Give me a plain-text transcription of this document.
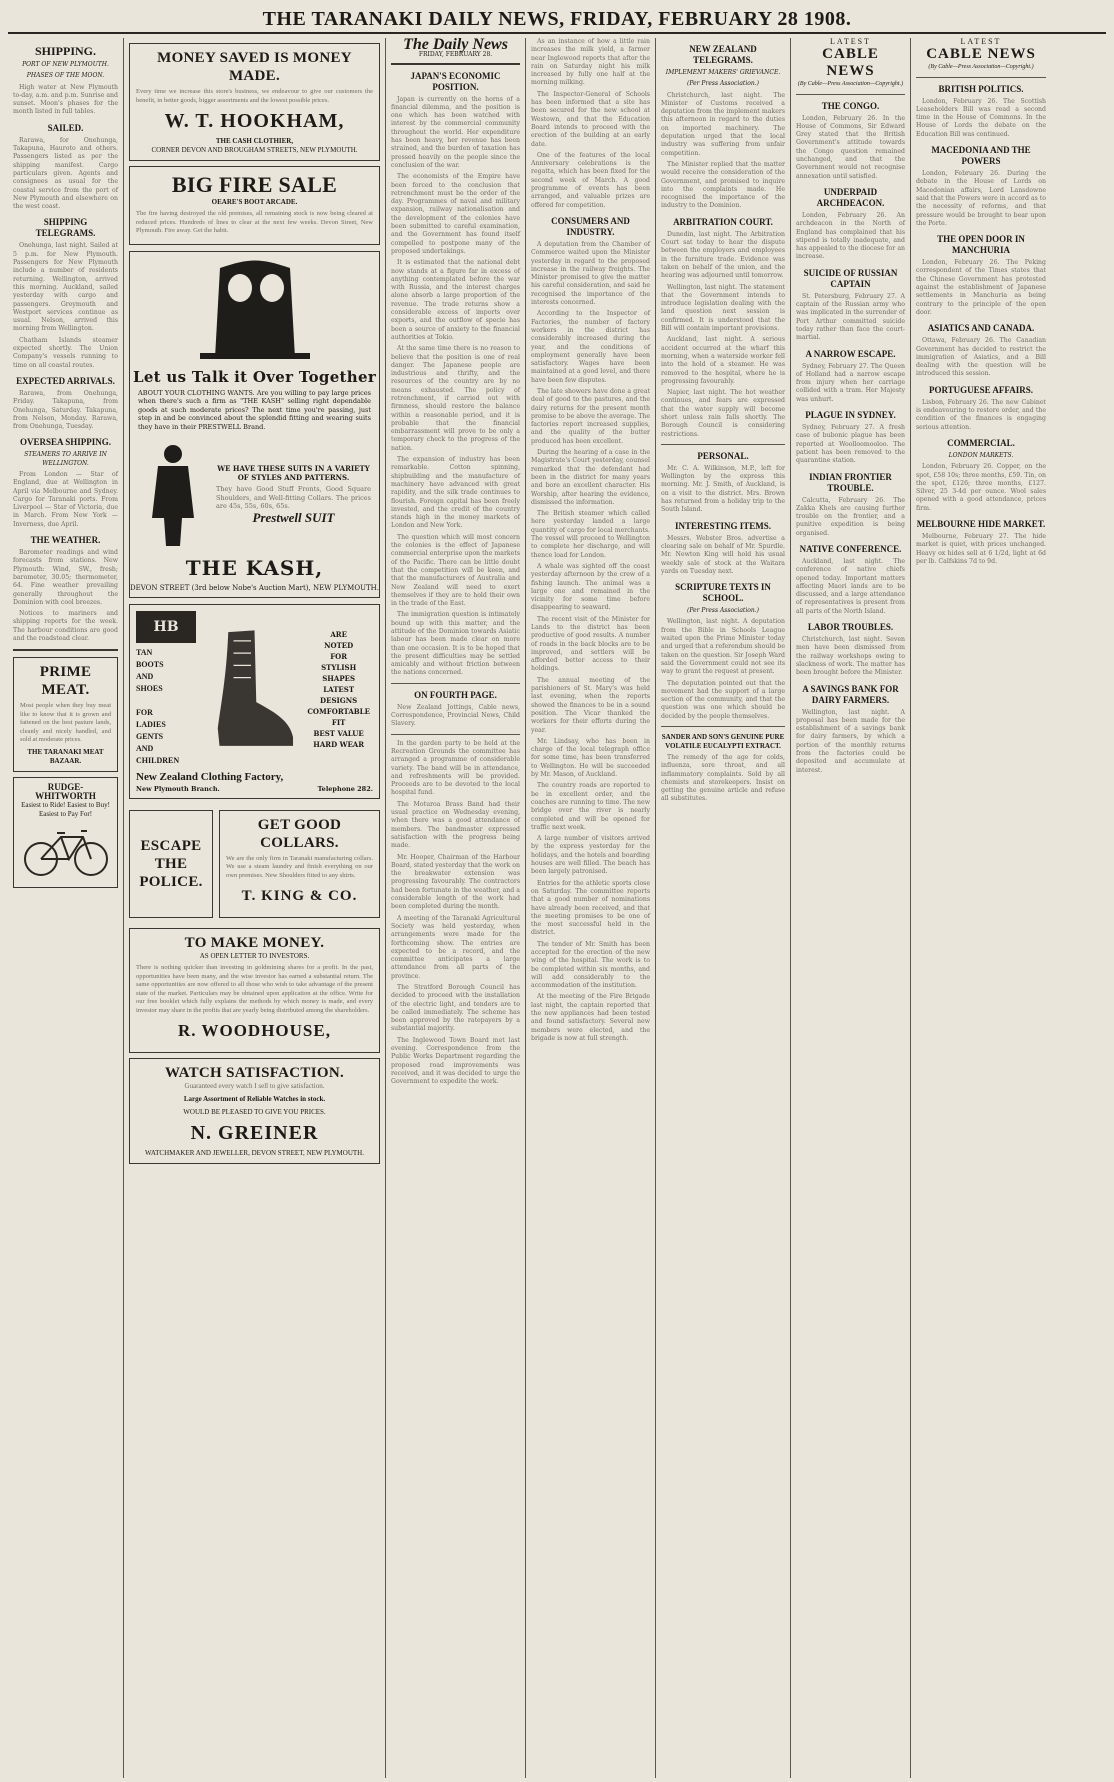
THE TARANAKI DAILY NEWS, FRIDAY, FEBRUARY 28 1908.
SHIPPING.
PORT OF NEW PLYMOUTH.
PHASES OF THE MOON.

High water at New Plymouth to-day, a.m. and p.m. Sunrise and sunset. Moon's phases for the month listed in full tables.

SAILED.

Rarawa, for Onehunga, Takapuna, Hauroto and others. Passengers listed as per the shipping manifest. Cargo particulars given. Agents and consignees as usual for the coastal service from the port of New Plymouth and elsewhere on the west coast.

SHIPPING TELEGRAMS.

Onehunga, last night. Sailed at 5 p.m. for New Plymouth. Passengers for New Plymouth include a number of residents returning. Wellington, arrived this morning. Auckland, sailed yesterday with cargo and passengers. Greymouth and Westport services continue as usual. Nelson, arrived this morning from Wellington.

Chatham Islands steamer expected shortly. The Union Company's vessels running to time on all coastal routes.

EXPECTED ARRIVALS.

Rarawa, from Onehunga, Friday. Takapuna, from Onehunga, Saturday. Takapuna, from Nelson, Monday. Rarawa, from Onehunga, Tuesday.

OVERSEA SHIPPING.
STEAMERS TO ARRIVE IN WELLINGTON.

From London — Star of England, due at Wellington in April via Melbourne and Sydney. Cargo for Taranaki ports. From Liverpool — Star of Victoria, due in March. From New York — Inverness, due April.

THE WEATHER.

Barometer readings and wind forecasts from stations. New Plymouth: Wind, SW., fresh; barometer, 30.05; thermometer, 64. Fine weather prevailing generally throughout the Dominion with cool breezes.

Notices to mariners and shipping reports for the week. The harbour conditions are good and the roadstead clear.

PRIME MEAT.
Most people when they buy meat like to know that it is grown and fattened on the best pasture lands, cleanly and nicely handled, and sold at moderate prices.
THE TARANAKI MEAT BAZAAR.
RUDGE-WHITWORTH
Easiest to Ride! Easiest to Buy! Easiest to Pay For!
MONEY SAVED IS MONEY MADE.
Every time we increase this store's business, we endeavour to give our customers the benefit, in better goods, bigger assortments and the lowest possible prices.
W. T. HOOKHAM,
THE CASH CLOTHIER,
CORNER DEVON AND BROUGHAM STREETS, NEW PLYMOUTH.
BIG FIRE SALE
OEARE'S BOOT ARCADE.
The fire having destroyed the old premises, all remaining stock is now being cleared at reduced prices. Hundreds of lines to clear at the next few weeks. Devon Street, New Plymouth. Fire away. Get the habit.
Let us Talk it Over Together
ABOUT YOUR CLOTHING WANTS. Are you willing to pay large prices when there's such a firm as "THE KASH" selling right dependable goods at such moderate prices? The next time you're passing, just step in and be convinced about the splendid fitting and wearing suits they have in their PRESTWELL Brand.
WE HAVE THESE SUITS IN A VARIETY OF STYLES AND PATTERNS.
They have Good Stuff Fronts, Good Square Shoulders, and Well-fitting Collars. The prices are 45s, 55s, 60s, 65s.
Prestwell SUIT
THE KASH,
DEVON STREET (3rd below Nobe's Auction Mart), NEW PLYMOUTH.
HB
TAN
BOOTS
AND
SHOES

FOR
LADIES
GENTS
AND
CHILDREN
ARE
NOTED
FOR
STYLISH SHAPES
LATEST DESIGNS
COMFORTABLE FIT
BEST VALUE
HARD WEAR
New Zealand Clothing Factory,
New Plymouth Branch.	Telephone 282.
ESCAPE
THE
POLICE.
GET GOOD COLLARS.
We are the only firm in Taranaki manufacturing collars. We use a steam laundry and finish everything on our own premises. New Shoulders fitted to any shirts.
T. KING & CO.
TO MAKE MONEY.
AS OPEN LETTER TO INVESTORS.
There is nothing quicker than investing in goldmining shares for a profit. In the past, opportunities have been many, and the wise investor has earned a substantial return. The same opportunities are now offered to all those who wish to take advantage of the present state of the market. Particulars may be obtained upon application at the office. Write for our free booklet which fully explains the methods by which money is made, and every investor may share in the profits that are yearly being distributed among the shareholders.
R. WOODHOUSE,
WATCH SATISFACTION.
Guaranteed every watch I sell to give satisfaction.
Large Assortment of Reliable Watches in stock.
WOULD BE PLEASED TO GIVE YOU PRICES.
N. GREINER
WATCHMAKER AND JEWELLER, DEVON STREET, NEW PLYMOUTH.
The Daily News
FRIDAY, FEBRUARY 28.
JAPAN'S ECONOMIC POSITION.

Japan is currently on the horns of a financial dilemma, and the position is one which has been watched with interest by the commercial community throughout the world. Her expenditure has been heavy, her revenue has been strained, and the burden of taxation has pressed heavily on the people since the conclusion of the war.

The economists of the Empire have been forced to the conclusion that retrenchment must be the order of the day. Programmes of naval and military expansion, railway nationalisation and the development of the colonies have been submitted to careful examination, and the Government has found itself compelled to postpone many of the proposed undertakings.

It is estimated that the national debt now stands at a figure far in excess of anything contemplated before the war with Russia, and the interest charges alone absorb a large proportion of the revenue. The trade returns show a considerable excess of imports over exports, and the outflow of specie has been a source of anxiety to the financial authorities at Tokio.

At the same time there is no reason to believe that the position is one of real danger. The Japanese people are industrious and thrifty, and the resources of the country are by no means exhausted. The policy of retrenchment, if carried out with firmness, should restore the balance within a reasonable period, and it is probable that the financial embarrassment will prove to be only a temporary check to the progress of the nation.

The expansion of industry has been remarkable. Cotton spinning, shipbuilding and the manufacture of machinery have advanced with great rapidity, and the silk trade continues to flourish. Foreign capital has been freely invested, and the credit of the country stands high in the money markets of London and New York.

The question which will most concern the colonies is the effect of Japanese commercial enterprise upon the markets of the Pacific. There can be little doubt that the competition will be keen, and that the manufacturers of Australia and New Zealand will need to exert themselves if they are to hold their own in the trade of the East.

The immigration question is intimately bound up with this matter, and the attitude of the Dominion towards Asiatic labour has been made clear on more than one occasion. It is to be hoped that the present difficulties may be settled amicably and without friction between the nations concerned.

ON FOURTH PAGE.

New Zealand Jottings, Cable news, Correspondence, Provincial News, Child Slavery.

In the garden party to be held at the Recreation Grounds the committee has arranged a programme of considerable variety. The band will be in attendance, and refreshments will be provided. Proceeds are to be devoted to the local hospital fund.

The Moturoa Brass Band had their usual practice on Wednesday evening, when there was a good attendance of members. The bandmaster expressed satisfaction with the progress being made.

Mr. Hooper, Chairman of the Harbour Board, stated yesterday that the work on the breakwater extension was progressing favourably. The contractors had been fortunate in the weather, and a considerable length of the work had been completed during the month.

A meeting of the Taranaki Agricultural Society was held yesterday, when arrangements were made for the forthcoming show. The entries are expected to be a record, and the committee anticipates a large attendance from all parts of the province.

The Stratford Borough Council has decided to proceed with the installation of the electric light, and tenders are to be called immediately. The scheme has been approved by the ratepayers by a substantial majority.

The Inglewood Town Board met last evening. Correspondence from the Public Works Department regarding the proposed road improvements was received, and it was decided to urge the Government to expedite the work.

As an instance of how a little rain increases the milk yield, a farmer near Inglewood reports that after the rain on Saturday night his milk increased by fully one half at the morning milking.

The Inspector-General of Schools has been informed that a site has been secured for the new school at Westown, and that the Education Board intends to proceed with the erection of the building at an early date.

One of the features of the local Anniversary celebrations is the regatta, which has been fixed for the second week of March. A good programme of events has been arranged, and valuable prizes are offered for competition.

CONSUMERS AND INDUSTRY.

A deputation from the Chamber of Commerce waited upon the Minister yesterday in regard to the proposed increase in the railway freights. The Minister promised to give the matter his careful consideration, and said he recognised the importance of the interests concerned.

According to the Inspector of Factories, the number of factory workers in the district has considerably increased during the year, and the conditions of employment generally have been satisfactory. Wages have been maintained at a good level, and there have been few disputes.

The late showers have done a great deal of good to the pastures, and the dairy returns for the present month promise to be above the average. The factories report increased supplies, and the quality of the butter produced has been excellent.

During the hearing of a case in the Magistrate's Court yesterday, counsel remarked that the defendant had been in the district for many years and bore an excellent character. His Worship, after hearing the evidence, dismissed the information.

The British steamer which called here yesterday landed a large quantity of cargo for local merchants. The vessel will proceed to Wellington to complete her discharge, and will thence load for London.

A whale was sighted off the coast yesterday afternoon by the crew of a fishing launch. The animal was a large one and remained in the vicinity for some time before disappearing to seaward.

The recent visit of the Minister for Lands to the district has been productive of good results. A number of roads in the back blocks are to be improved, and settlers will be afforded better access to their holdings.

The annual meeting of the parishioners of St. Mary's was held last evening, when the reports showed the finances to be in a sound position. The Vicar thanked the workers for their efforts during the year.

Mr. Lindsay, who has been in charge of the local telegraph office for some time, has been transferred to Wellington. He will be succeeded by Mr. Mason, of Auckland.

The country roads are reported to be in excellent order, and the coaches are running to time. The new bridge over the river is nearly completed and will be opened for traffic next week.

A large number of visitors arrived by the express yesterday for the holidays, and the hotels and boarding houses are well filled. The beach has been largely patronised.

Entries for the athletic sports close on Saturday. The committee reports that a good number of nominations have already been received, and that the meeting promises to be one of the most successful held in the district.

The tender of Mr. Smith has been accepted for the erection of the new wing of the hospital. The work is to be completed within six months, and will add considerably to the accommodation of the institution.

At the meeting of the Fire Brigade last night, the captain reported that the new appliances had been tested and found satisfactory. Several new members were elected, and the brigade is now at full strength.

NEW ZEALAND TELEGRAMS.
IMPLEMENT MAKERS' GRIEVANCE.
(Per Press Association.)

Christchurch, last night. The Minister of Customs received a deputation from the implement makers this afternoon in regard to the duties on imported machinery. The deputation urged that the local industry was suffering from unfair competition.

The Minister replied that the matter would receive the consideration of the Government, and promised to inquire into the complaints made. He recognised the importance of the industry to the Dominion.

ARBITRATION COURT.

Dunedin, last night. The Arbitration Court sat today to hear the dispute between the employers and employees in the furniture trade. Evidence was taken on behalf of the union, and the hearing was adjourned until tomorrow.

Wellington, last night. The statement that the Government intends to introduce legislation dealing with the land question next session is confirmed. It is understood that the Bill will contain important provisions.

Auckland, last night. A serious accident occurred at the wharf this morning, when a waterside worker fell into the hold of a steamer. He was removed to the hospital, where he is progressing favourably.

Napier, last night. The hot weather continues, and fears are expressed that the water supply will become short unless rain falls shortly. The Borough Council is considering restrictions.

PERSONAL.

Mr. C. A. Wilkinson, M.P., left for Wellington by the express this morning. Mr. J. Smith, of Auckland, is on a visit to the district. Mrs. Brown has returned from a holiday trip to the South Island.

INTERESTING ITEMS.

Messrs. Webster Bros. advertise a clearing sale on behalf of Mr. Spurdle. Mr. Newton King will hold his usual weekly sale of stock at the Waitara yards on Tuesday next.

SCRIPTURE TEXTS IN SCHOOL.
(Per Press Association.)

Wellington, last night. A deputation from the Bible in Schools League waited upon the Prime Minister today and urged that a referendum should be taken on the question. Sir Joseph Ward said the Government could not see its way to grant the request at present.

The deputation pointed out that the movement had the support of a large section of the community, and that the question was one which should be decided by the people themselves.

SANDER AND SON'S GENUINE PURE VOLATILE EUCALYPTI EXTRACT.

The remedy of the age for colds, influenza, sore throat, and all inflammatory complaints. Sold by all chemists and storekeepers. Insist on getting the genuine article and refuse all substitutes.

LATEST
CABLE NEWS
(By Cable—Press Association—Copyright.)
THE CONGO.

London, February 26. In the House of Commons, Sir Edward Grey stated that the British Government's attitude towards the Congo question remained unchanged, and that the Government would not recognise annexation until satisfied.

UNDERPAID ARCHDEACON.

London, February 26. An archdeacon in the North of England has complained that his stipend is totally inadequate, and has appealed to the diocese for an increase.

SUICIDE OF RUSSIAN CAPTAIN

St. Petersburg, February 27. A captain of the Russian army who was implicated in the surrender of Port Arthur committed suicide today rather than face the court-martial.

A NARROW ESCAPE.

Sydney, February 27. The Queen of Holland had a narrow escape from injury when her carriage collided with a tram. Her Majesty was unhurt.

PLAGUE IN SYDNEY.

Sydney, February 27. A fresh case of bubonic plague has been reported at Woolloomooloo. The patient has been removed to the quarantine station.

INDIAN FRONTIER TROUBLE.

Calcutta, February 26. The Zakka Khels are causing further trouble on the frontier, and a punitive expedition is being organised.

NATIVE CONFERENCE.

Auckland, last night. The conference of native chiefs opened today. Important matters affecting Maori lands are to be discussed, and a large attendance of representatives is present from all parts of the North Island.

LABOR TROUBLES.

Christchurch, last night. Seven men have been dismissed from the railway workshops owing to slackness of work. The matter has been brought before the Minister.

A SAVINGS BANK FOR DAIRY FARMERS.

Wellington, last night. A proposal has been made for the establishment of a savings bank for dairy farmers, by which a portion of the monthly returns from the factories could be deposited and accumulate at interest.

LATEST
CABLE NEWS
(By Cable—Press Association—Copyright.)
BRITISH POLITICS.

London, February 26. The Scottish Leaseholders Bill was read a second time in the House of Commons. In the House of Lords the debate on the Education Bill was continued.

MACEDONIA AND THE POWERS

London, February 26. During the debate in the House of Lords on Macedonian affairs, Lord Lansdowne said that the Powers were in accord as to the necessity of reforms, and that pressure would be brought to bear upon the Porte.

THE OPEN DOOR IN MANCHURIA

London, February 26. The Peking correspondent of the Times states that the Chinese Government has protested against the establishment of Japanese settlements in Manchuria as being contrary to the principle of the open door.

ASIATICS AND CANADA.

Ottawa, February 26. The Canadian Government has decided to restrict the immigration of Asiatics, and a Bill dealing with the question will be introduced this session.

PORTUGUESE AFFAIRS.

Lisbon, February 26. The new Cabinet is endeavouring to restore order, and the condition of the finances is engaging serious attention.

COMMERCIAL.
LONDON MARKETS.

London, February 26. Copper, on the spot, £58 10s; three months, £59. Tin, on the spot, £126; three months, £127. Silver, 25 3-4d per ounce. Wool sales opened with a good attendance, prices firm.

MELBOURNE HIDE MARKET.

Melbourne, February 27. The hide market is quiet, with prices unchanged. Heavy ox hides sell at 6 1/2d, light at 6d per lb. Calfskins 7d to 9d.
